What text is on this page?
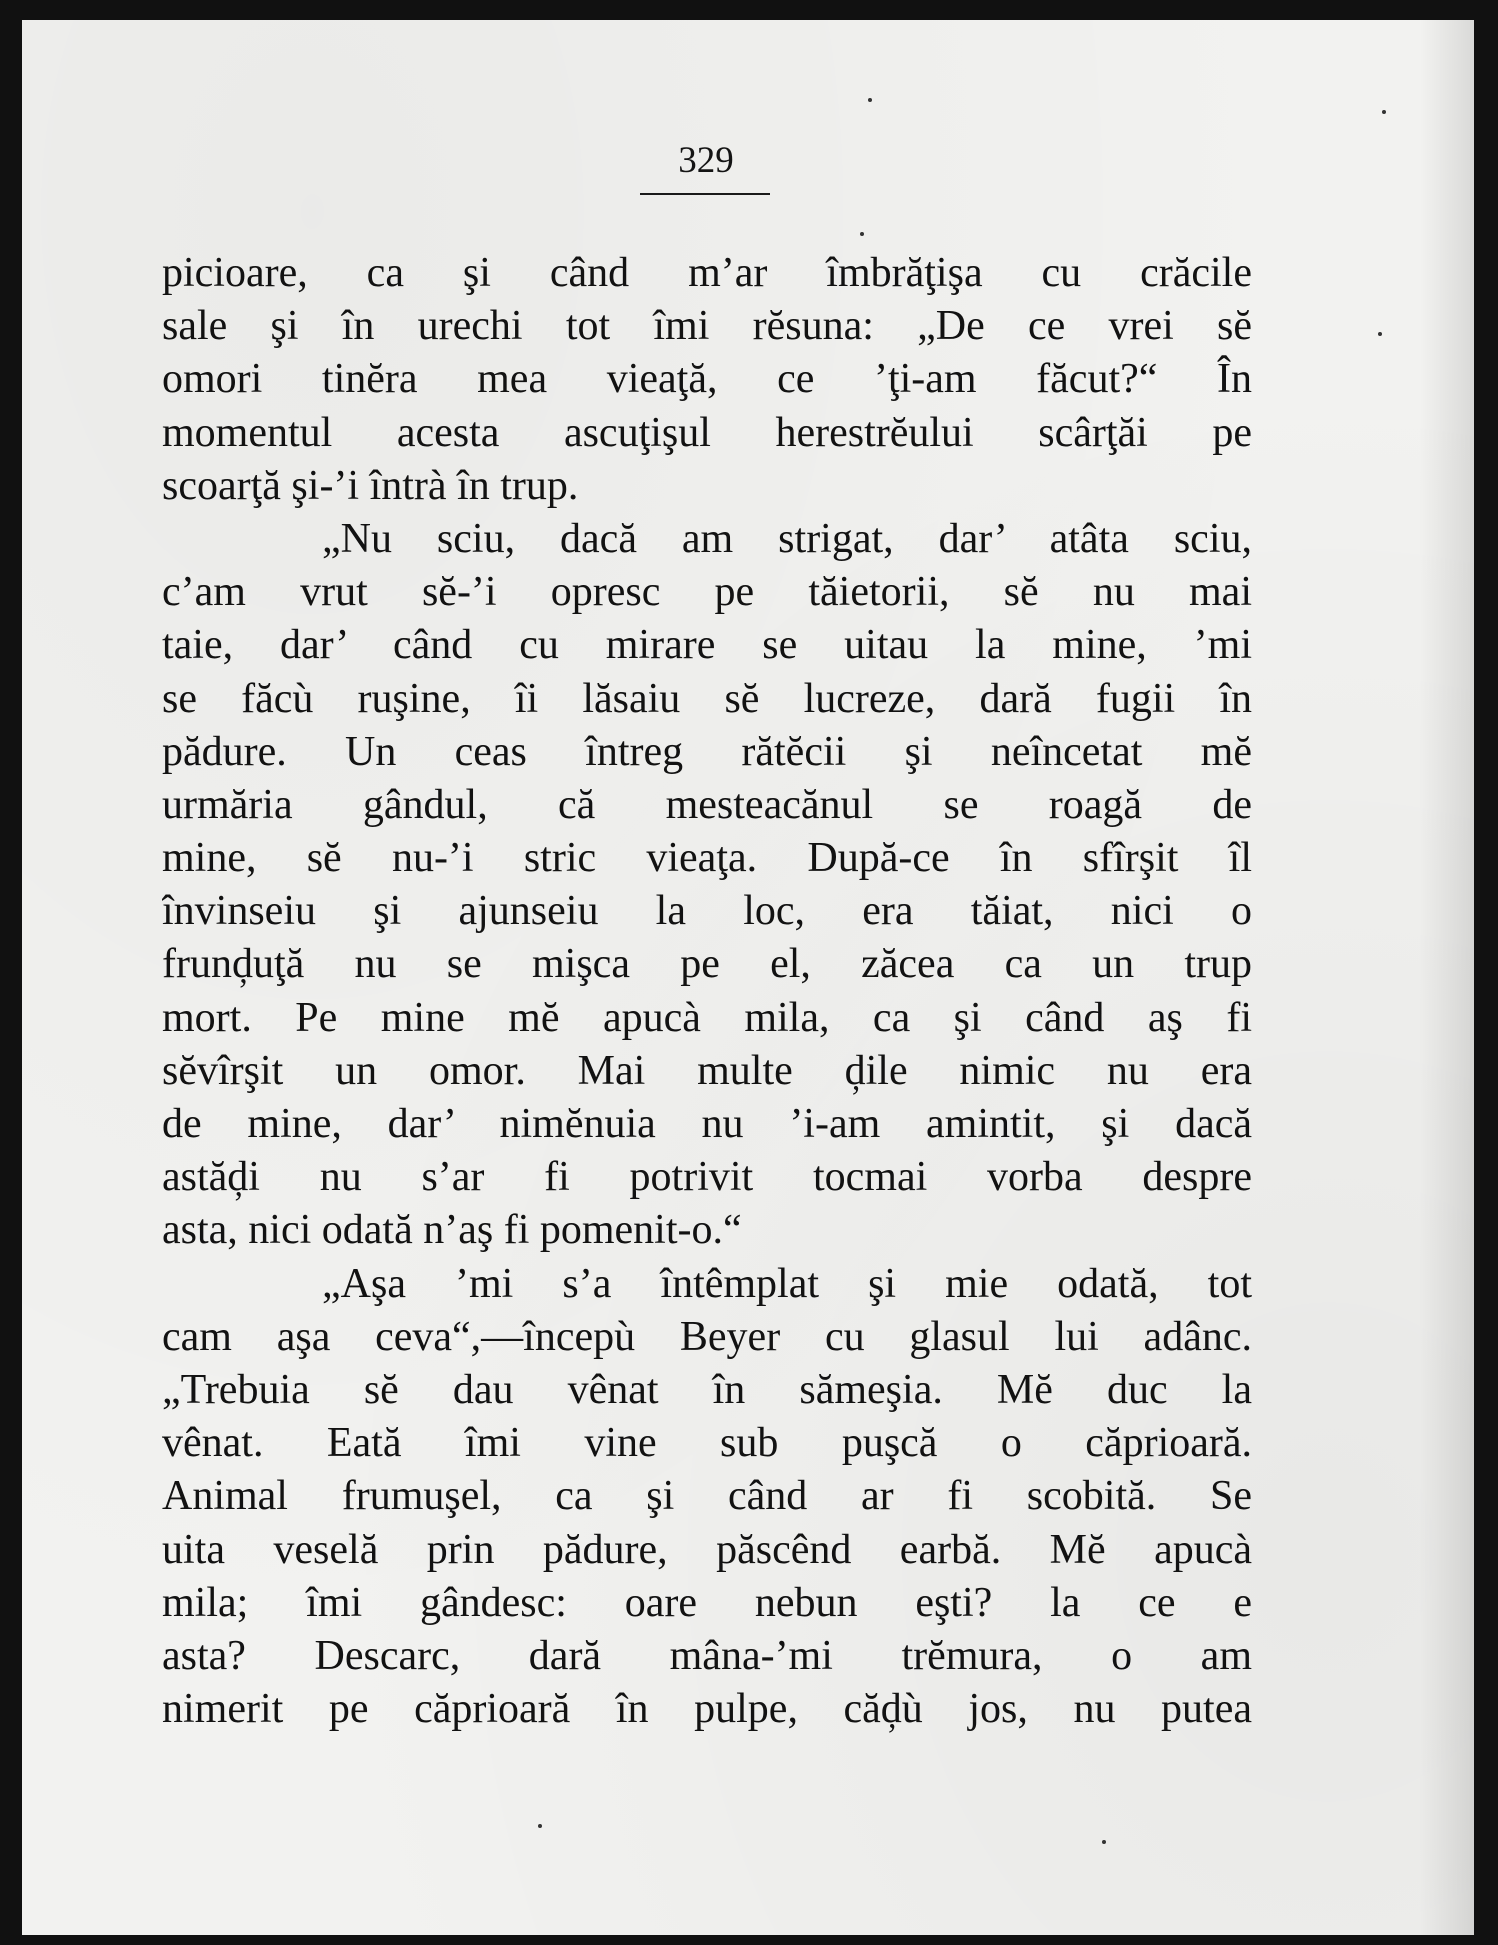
329
picioare, ca şi când m’ar îmbrăţişa cu crăcile
sale şi în urechi tot îmi rĕsuna: „De ce vrei sĕ
omori tinĕra mea vieaţă, ce ’ţi-am făcut?“ În
momentul acesta ascuţişul herestrĕului scârţăi pe
scoarţă şi-’i întrà în trup.
„Nu sciu, dacă am strigat, dar’ atâta sciu,
c’am vrut sĕ-’i opresc pe tăietorii, sĕ nu mai
taie, dar’ când cu mirare se uitau la mine, ’mi
se făcù ruşine, îi lăsaiu sĕ lucreze, dară fugii în
pădure. Un ceas întreg rătĕcii şi neîncetat mĕ
urmăria gândul, că mesteacănul se roagă de
mine, sĕ nu-’i stric vieaţa. După-ce în sfîrşit îl
învinseiu şi ajunseiu la loc, era tăiat, nici o
frunḑuţă nu se mişca pe el, zăcea ca un trup
mort. Pe mine mĕ apucà mila, ca şi când aş fi
sĕvîrşit un omor. Mai multe ḑile nimic nu era
de mine, dar’ nimĕnuia nu ’i-am amintit, şi dacă
astăḑi nu s’ar fi potrivit tocmai vorba despre
asta, nici odată n’aş fi pomenit-o.“
„Aşa ’mi s’a întêmplat şi mie odată, tot
cam aşa ceva“,—începù Beyer cu glasul lui adânc.
„Trebuia sĕ dau vênat în sămeşia. Mĕ duc la
vênat. Eată îmi vine sub puşcă o căprioară.
Animal frumuşel, ca şi când ar fi scobită. Se
uita veselă prin pădure, păscênd earbă. Mĕ apucà
mila; îmi gândesc: oare nebun eşti? la ce e
asta? Descarc, dară mâna-’mi trĕmura, o am
nimerit pe căprioară în pulpe, căḑù jos, nu putea
